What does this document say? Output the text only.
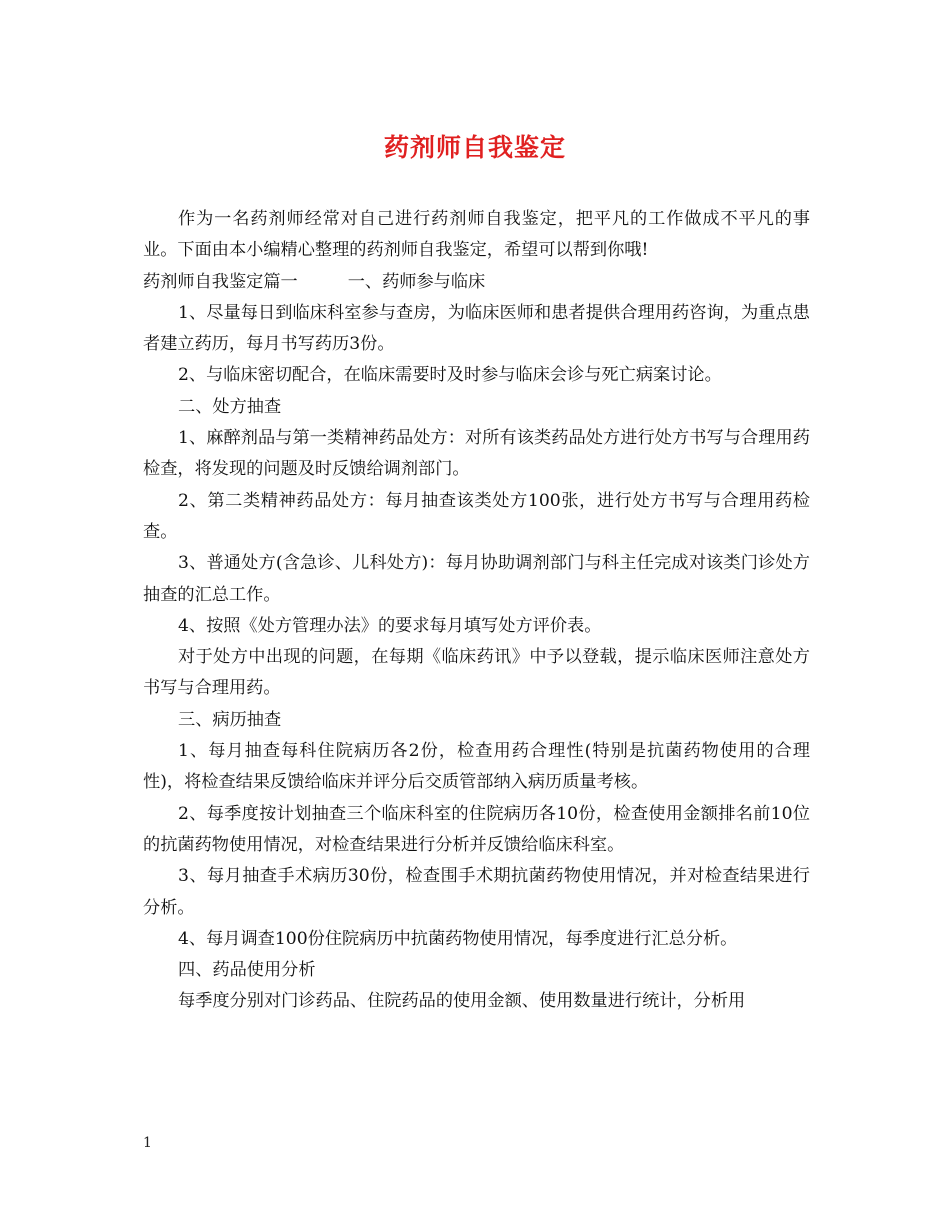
药剂师自我鉴定

作为一名药剂师经常对自己进行药剂师自我鉴定，把平凡的工作做成不平凡的事业。下面由本小编精心整理的药剂师自我鉴定，希望可以帮到你哦!

药剂师自我鉴定篇一	一、药师参与临床

1、尽量每日到临床科室参与查房，为临床医师和患者提供合理用药咨询，为重点患者建立药历，每月书写药历3份。

2、与临床密切配合，在临床需要时及时参与临床会诊与死亡病案讨论。

二、处方抽查

1、麻醉剂品与第一类精神药品处方：对所有该类药品处方进行处方书写与合理用药检查，将发现的问题及时反馈给调剂部门。

2、第二类精神药品处方：每月抽查该类处方100张，进行处方书写与合理用药检查。

3、普通处方(含急诊、儿科处方)：每月协助调剂部门与科主任完成对该类门诊处方抽查的汇总工作。

4、按照《处方管理办法》的要求每月填写处方评价表。

对于处方中出现的问题，在每期《临床药讯》中予以登载，提示临床医师注意处方书写与合理用药。

三、病历抽查

1、每月抽查每科住院病历各2份，检查用药合理性(特别是抗菌药物使用的合理性)，将检查结果反馈给临床并评分后交质管部纳入病历质量考核。

2、每季度按计划抽查三个临床科室的住院病历各10份，检查使用金额排名前10位的抗菌药物使用情况，对检查结果进行分析并反馈给临床科室。

3、每月抽查手术病历30份，检查围手术期抗菌药物使用情况，并对检查结果进行分析。

4、每月调查100份住院病历中抗菌药物使用情况，每季度进行汇总分析。

四、药品使用分析

每季度分别对门诊药品、住院药品的使用金额、使用数量进行统计，分析用

1
